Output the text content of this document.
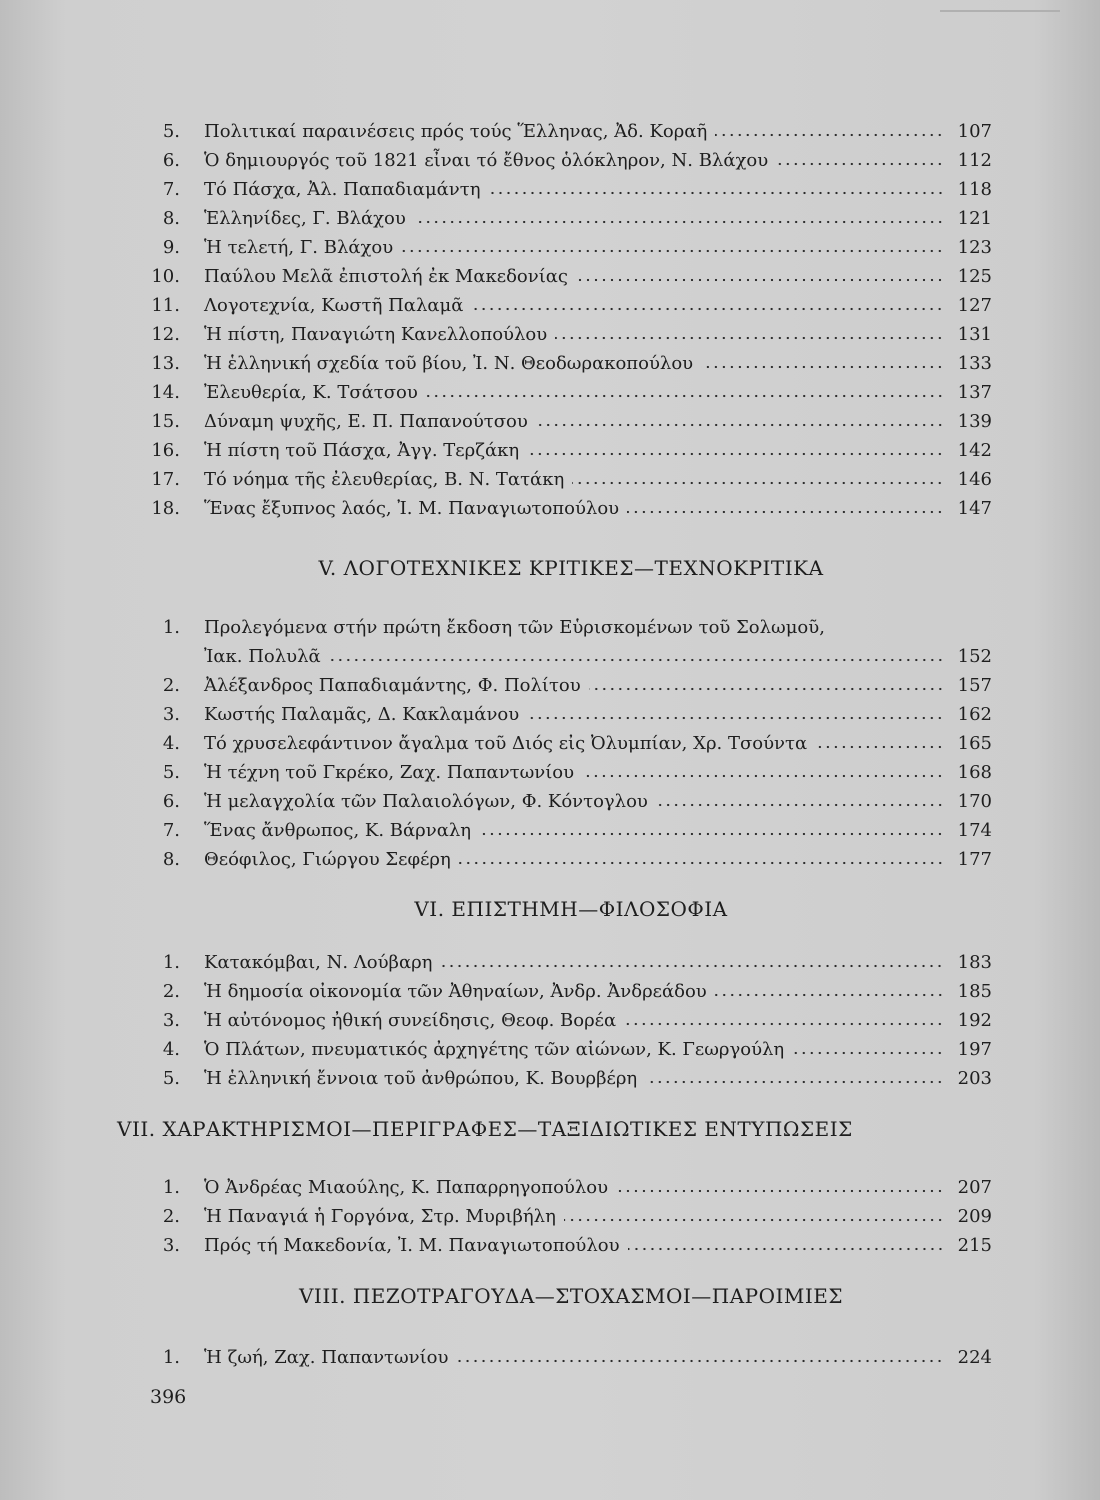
5.	Πολιτικαί παραινέσεις πρός τούς Ἕλληνας, Ἀδ. Κοραῆ	107
6.	Ὁ δημιουργός τοῦ 1821 εἶναι τό ἔθνος ὁλόκληρον, Ν. Βλάχου	112
7.	Τό Πάσχα, Ἀλ. Παπαδιαμάντη	118
8.	Ἑλληνίδες, Γ. Βλάχου	121
9.	Ἡ τελετή, Γ. Βλάχου	123
10.	Παύλου Μελᾶ ἐπιστολή ἐκ Μακεδονίας	125
11.	Λογοτεχνία, Κωστῆ Παλαμᾶ	127
12.	Ἡ πίστη, Παναγιώτη Κανελλοπούλου	131
13.	Ἡ ἑλληνική σχεδία τοῦ βίου, Ἰ. Ν. Θεοδωρακοπούλου	133
14.	Ἐλευθερία, Κ. Τσάτσου	137
15.	Δύναμη ψυχῆς, Ε. Π. Παπανούτσου	139
16.	Ἡ πίστη τοῦ Πάσχα, Ἀγγ. Τερζάκη	142
17.	Τό νόημα τῆς ἐλευθερίας, Β. Ν. Τατάκη	146
18.	Ἕνας ἔξυπνος λαός, Ἰ. Μ. Παναγιωτοπούλου	147
V. ΛΟΓΟΤΕΧΝΙΚΕΣ ΚΡΙΤΙΚΕΣ—ΤΕΧΝΟΚΡΙΤΙΚΑ
1.	Προλεγόμενα στήν πρώτη ἔκδοση τῶν Εὑρισκομένων τοῦ Σολωμοῦ,
Ἰακ. Πολυλᾶ	152
2.	Ἀλέξανδρος Παπαδιαμάντης, Φ. Πολίτου	157
3.	Κωστής Παλαμᾶς, Δ. Κακλαμάνου	162
4.	Τό χρυσελεφάντινον ἄγαλμα τοῦ Διός εἰς Ὀλυμπίαν, Χρ. Τσούντα	165
5.	Ἡ τέχνη τοῦ Γκρέκο, Ζαχ. Παπαντωνίου	168
6.	Ἡ μελαγχολία τῶν Παλαιολόγων, Φ. Κόντογλου	170
7.	Ἕνας ἄνθρωπος, Κ. Βάρναλη	174
8.	Θεόφιλος, Γιώργου Σεφέρη	177
VI. ΕΠΙΣΤΗΜΗ—ΦΙΛΟΣΟΦΙΑ
1.	Κατακόμβαι, Ν. Λούβαρη	183
2.	Ἡ δημοσία οἰκονομία τῶν Ἀθηναίων, Ἀνδρ. Ἀνδρεάδου	185
3.	Ἡ αὐτόνομος ἠθική συνείδησις, Θεοφ. Βορέα	192
4.	Ὁ Πλάτων, πνευματικός ἀρχηγέτης τῶν αἰώνων, Κ. Γεωργούλη	197
5.	Ἡ ἑλληνική ἔννοια τοῦ ἀνθρώπου, Κ. Βουρβέρη	203
VII. ΧΑΡΑΚΤΗΡΙΣΜΟΙ—ΠΕΡΙΓΡΑΦΕΣ—ΤΑΞΙΔΙΩΤΙΚΕΣ ΕΝΤΥΠΩΣΕΙΣ
1.	Ὁ Ἀνδρέας Μιαούλης, Κ. Παπαρρηγοπούλου	207
2.	Ἡ Παναγιά ἡ Γοργόνα, Στρ. Μυριβήλη	209
3.	Πρός τή Μακεδονία, Ἰ. Μ. Παναγιωτοπούλου	215
VIII. ΠΕΖΟΤΡΑΓΟΥΔΑ—ΣΤΟΧΑΣΜΟΙ—ΠΑΡΟΙΜΙΕΣ
1.	Ἡ ζωή, Ζαχ. Παπαντωνίου	224
396
